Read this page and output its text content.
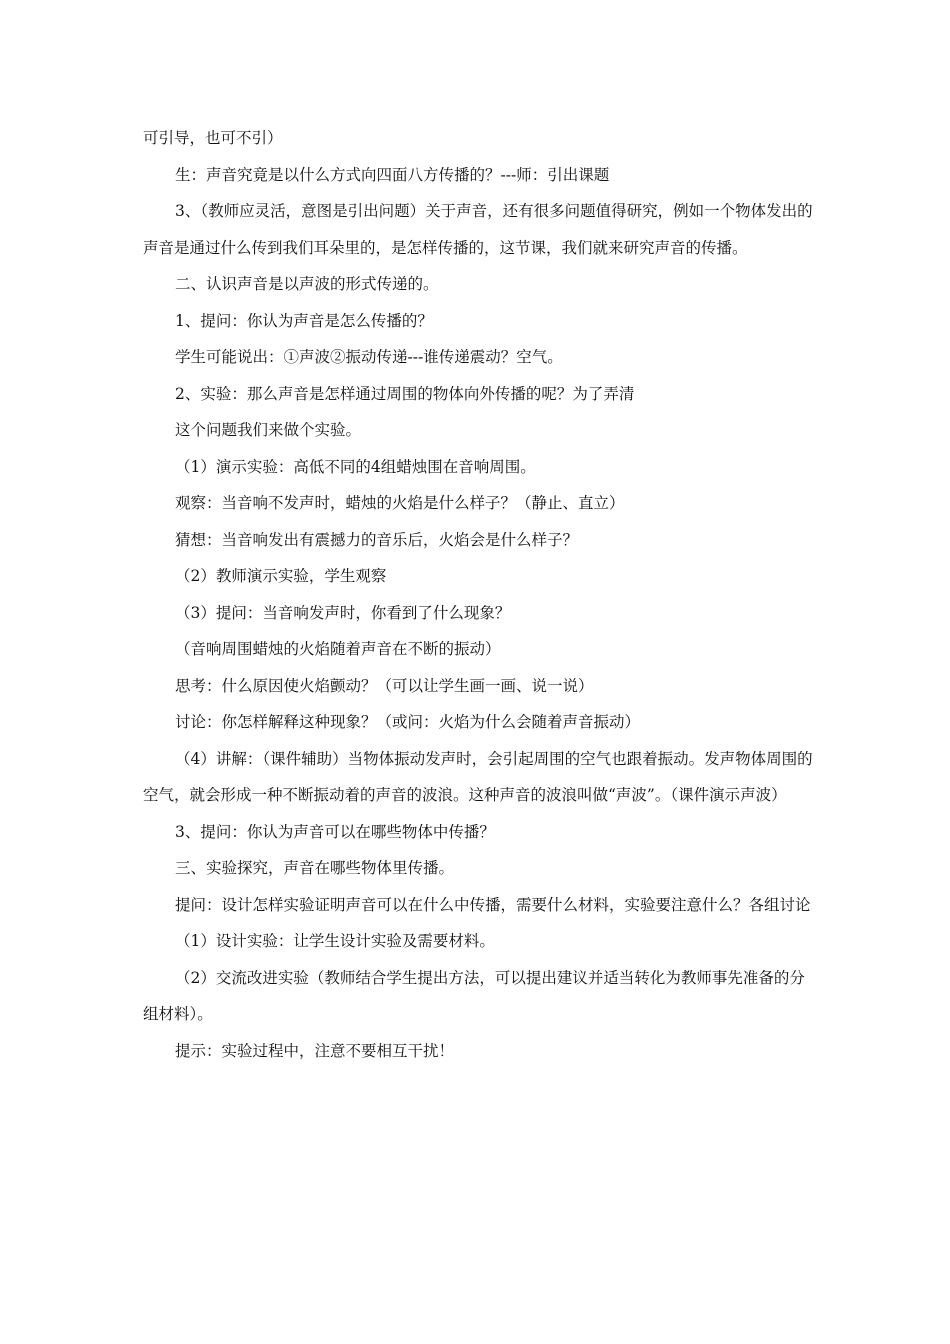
可引导，也可不引）

生：声音究竟是以什么方式向四面八方传播的？---师：引出课题

3、（教师应灵活，意图是引出问题）关于声音，还有很多问题值得研究，例如一个物体发出的声音是通过什么传到我们耳朵里的，是怎样传播的，这节课，我们就来研究声音的传播。

二、认识声音是以声波的形式传递的。

1、提问：你认为声音是怎么传播的？

学生可能说出：①声波②振动传递---谁传递震动？空气。

2、实验：那么声音是怎样通过周围的物体向外传播的呢？为了弄清

这个问题我们来做个实验。

（1）演示实验：高低不同的4组蜡烛围在音响周围。

观察：当音响不发声时，蜡烛的火焰是什么样子？（静止、直立）

猜想：当音响发出有震撼力的音乐后，火焰会是什么样子？

（2）教师演示实验，学生观察

（3）提问：当音响发声时，你看到了什么现象？

（音响周围蜡烛的火焰随着声音在不断的振动）

思考：什么原因使火焰颤动？（可以让学生画一画、说一说）

讨论：你怎样解释这种现象？（或问：火焰为什么会随着声音振动）

（4）讲解：（课件辅助）当物体振动发声时，会引起周围的空气也跟着振动。发声物体周围的空气，就会形成一种不断振动着的声音的波浪。这种声音的波浪叫做“声波”。（课件演示声波）

3、提问：你认为声音可以在哪些物体中传播？

三、实验探究，声音在哪些物体里传播。

提问：设计怎样实验证明声音可以在什么中传播，需要什么材料，实验要注意什么？各组讨论

（1）设计实验：让学生设计实验及需要材料。

（2）交流改进实验（教师结合学生提出方法，可以提出建议并适当转化为教师事先准备的分组材料）。

提示：实验过程中，注意不要相互干扰！
